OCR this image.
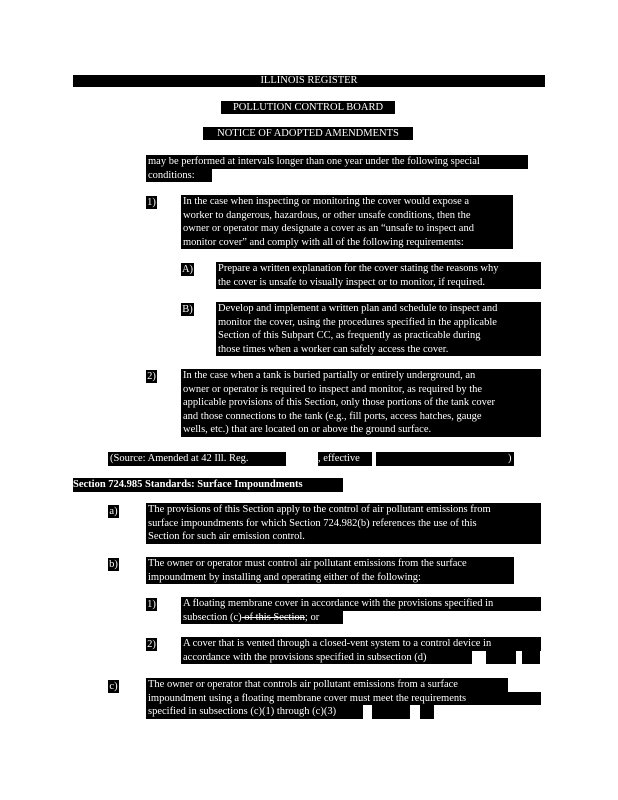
ILLINOIS REGISTER
POLLUTION CONTROL BOARD
NOTICE OF ADOPTED AMENDMENTS
may be performed at intervals longer than one year under the following special
conditions:
1)	In the case when inspecting or monitoring the cover would expose a
worker to dangerous, hazardous, or other unsafe conditions, then the
owner or operator may designate a cover as an “unsafe to inspect and
monitor cover” and comply with all of the following requirements:
A) Prepare a written explanation for the cover stating the reasons why
the cover is unsafe to visually inspect or to monitor, if required.
B) Develop and implement a written plan and schedule to inspect and
monitor the cover, using the procedures specified in the applicable
Section of this Subpart CC, as frequently as practicable during
those times when a worker can safely access the cover.
2)	In the case when a tank is buried partially or entirely underground, an
owner or operator is required to inspect and monitor, as required by the
applicable provisions of this Section, only those portions of the tank cover
and those connections to the tank (e.g., fill ports, access hatches, gauge
wells, etc.) that are located on or above the ground surface.
(Source: Amended at 42 Ill. Reg.	, effective	)
Section 724.985 Standards: Surface Impoundments
a)	The provisions of this Section apply to the control of air pollutant emissions from
surface impoundments for which Section 724.982(b) references the use of this
Section for such air emission control.
b)	The owner or operator must control air pollutant emissions from the surface
impoundment by installing and operating either of the following:
1)	A floating membrane cover in accordance with the provisions specified in
subsection (c) of this Section; or
2)	A cover that is vented through a closed-vent system to a control device in
accordance with the provisions specified in subsection (d)
c)	The owner or operator that controls air pollutant emissions from a surface
impoundment using a floating membrane cover must meet the requirements
specified in subsections (c)(1) through (c)(3)
